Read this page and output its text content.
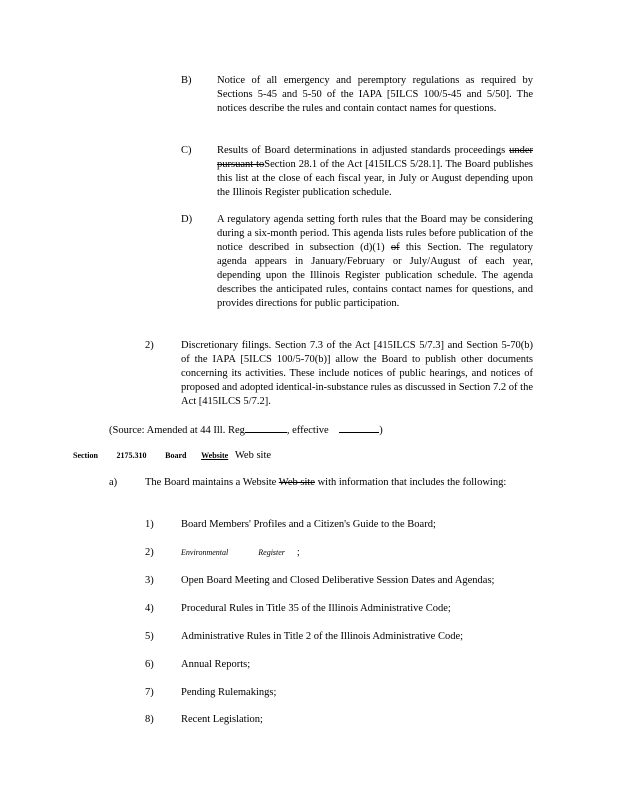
B) Notice of all emergency and peremptory regulations as required by Sections 5-45 and 5-50 of the IAPA [5ILCS 100/5-45 and 5/50]. The notices describe the rules and contain contact names for questions.
C) Results of Board determinations in adjusted standards proceedings under pursuant toSection 28.1 of the Act [415ILCS 5/28.1]. The Board publishes this list at the close of each fiscal year, in July or August depending upon the Illinois Register publication schedule.
D) A regulatory agenda setting forth rules that the Board may be considering during a six-month period. This agenda lists rules before publication of the notice described in subsection (d)(1) of this Section. The regulatory agenda appears in January/February or July/August of each year, depending upon the Illinois Register publication schedule. The agenda describes the anticipated rules, contains contact names for questions, and provides directions for public participation.
2)	Discretionary filings. Section 7.3 of the Act [415ILCS 5/7.3] and Section 5-70(b) of the IAPA [5ILCS 100/5-70(b)] allow the Board to publish other documents concerning its activities. These include notices of public hearings, and notices of proposed and adopted identical-in-substance rules as discussed in Section 7.2 of the Act [415ILCS 5/7.2].
(Source: Amended at 44 Ill. Reg	, effective	)
Section 2175.310 Board Website Web site
a)	The Board maintains a Website Web site with information that includes the following:
1)	Board Members' Profiles and a Citizen's Guide to the Board;
2)	Environmental	Register ;
3)	Open Board Meeting and Closed Deliberative Session Dates and Agendas;
4)	Procedural Rules in Title 35 of the Illinois Administrative Code;
5)	Administrative Rules in Title 2 of the Illinois Administrative Code;
6)	Annual Reports;
7)	Pending Rulemakings;
8)	Recent Legislation;
